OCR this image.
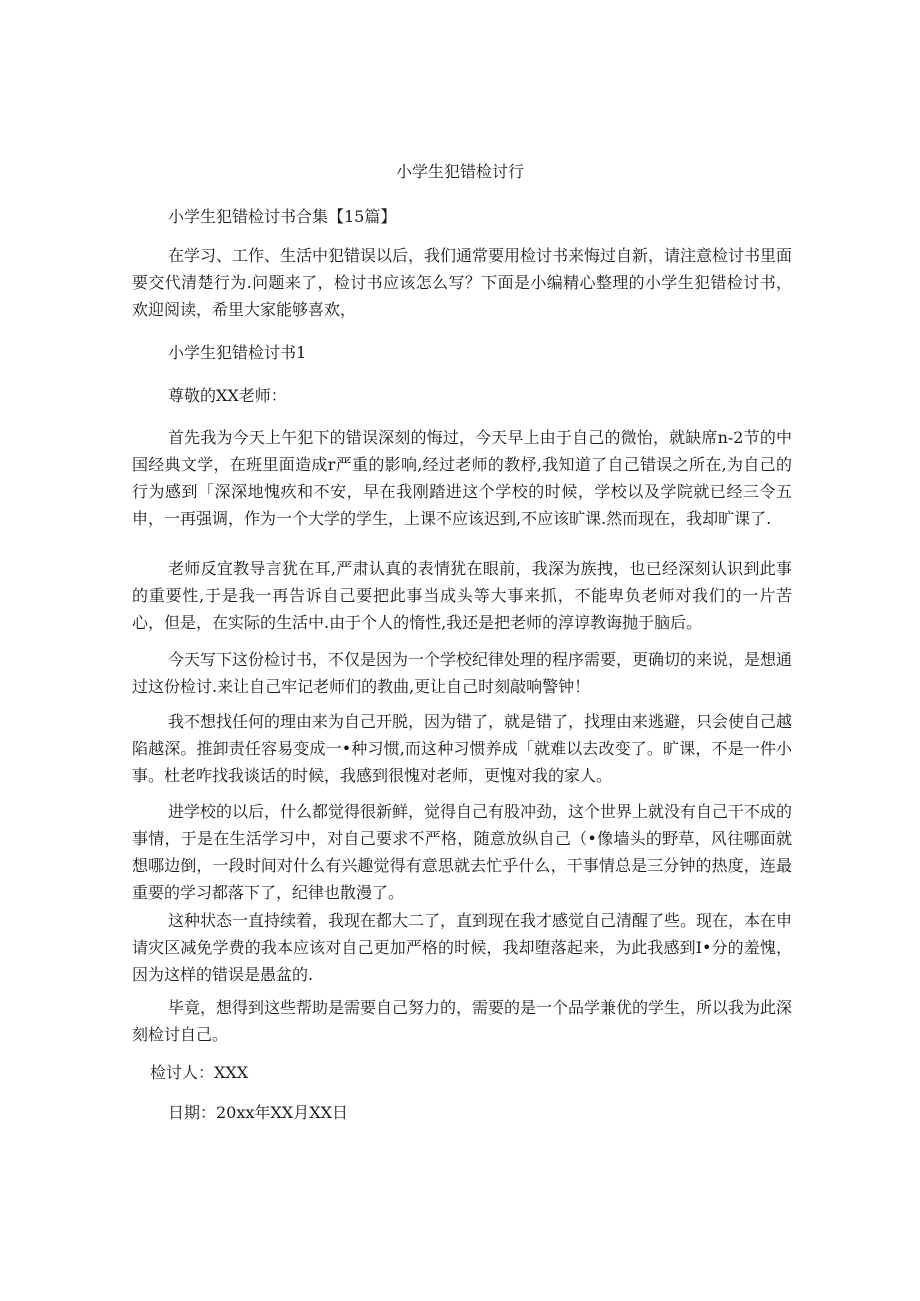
小学生犯错检讨行
小学生犯错检讨书合集【15篇】
在学习、工作、生活中犯错误以后，我们通常要用检讨书来悔过自新，请注意检讨书里面要交代清楚行为.问题来了，检讨书应该怎么写？下面是小编精心整理的小学生犯错检讨书，欢迎阅读，希里大家能够喜欢，
小学生犯错检讨书1
尊敬的XX老师：
首先我为今天上午犯下的错误深刻的悔过，今天早上由于自己的微怡，就缺席n-2节的中国经典文学，在班里面造成r严重的影响,经过老师的教杼,我知道了自己错误之所在,为自己的行为感到「深深地愧疚和不安，早在我刚踏进这个学校的时候，学校以及学院就已经三令五申，一再强调，作为一个大学的学生，上课不应该迟到,不应该旷课.然而现在，我却旷课了.
老师反宜教导言犹在耳,严肃认真的表情犹在眼前，我深为族拽，也已经深刻认识到此事的重要性,于是我一再告诉自己要把此事当成头等大事来抓，不能卑负老师对我们的一片苦心，但是，在实际的生活中.由于个人的惰性,我还是把老师的淳谆教诲抛于脑后。
今天写下这份检讨书，不仅是因为一个学校纪律处理的程序需要，更确切的来说，是想通过这份检讨.来让自己牢记老师们的教曲,更让自己时刻敲响警钟！
我不想找任何的理由来为自己开脱，因为错了，就是错了，找理由来逃避，只会使自己越陷越深。推卸责任容易变成一•种习惯,而这种习惯养成「就难以去改变了。旷课，不是一件小事。杜老咋找我谈话的时候，我感到很愧对老师，更愧对我的家人。
进学校的以后，什么都觉得很新鲜，觉得自己有股冲劲，这个世界上就没有自己干不成的事情，于是在生活学习中，对自己要求不严格，随意放纵自己（•像墙头的野草，风往哪面就想哪边倒，一段时间对什么有兴趣觉得有意思就去忙乎什么，干事情总是三分钟的热度，连最重要的学习都落下了，纪律也散漫了。
这种状态一直持续着，我现在都大二了，直到现在我才感觉自己清醒了些。现在，本在申请灾区减免学费的我本应该对自己更加严格的时候，我却堕落起来，为此我感到I•分的羞愧，因为这样的错误是愚盆的.
毕竟，想得到这些帮助是需要自己努力的，需要的是一个品学兼优的学生，所以我为此深刻检讨自己。
检讨人：XXX
日期：20xx年XX月XX日
